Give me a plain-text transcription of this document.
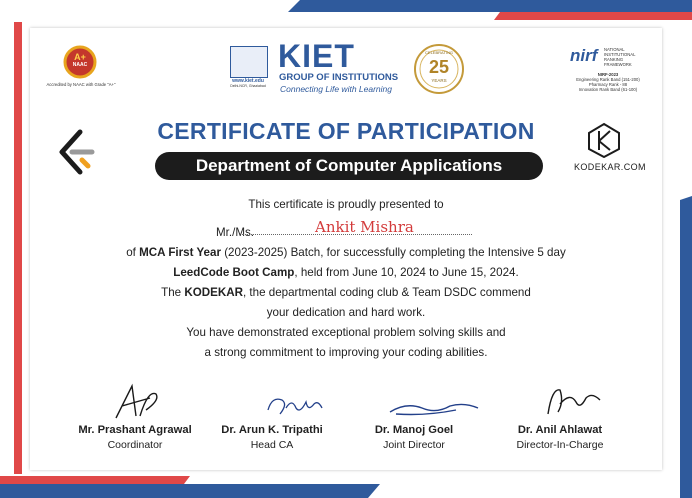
A+
NAAC
Accredited by NAAC with Grade "A+"
www.kiet.edu
Delhi-NCR, Ghaziabad
KIET
GROUP OF INSTITUTIONS
Connecting Life with Learning
CELEBRATING
25
YEARS
nirf NATIONAL
INSTITUTIONAL
RANKING
FRAMEWORK
NIRF-2023
Engineering Rank Band (151-200)
Pharmacy Rank - 88
Innovation Rank Band (61-100)
KODEKAR.COM
CERTIFICATE OF PARTICIPATION
Department of Computer Applications
This certificate is proudly presented to
Mr./Ms.	Ankit Mishra
of MCA First Year (2023-2025) Batch, for successfully completing the Intensive 5 day
LeedCode Boot Camp, held from June 10, 2024 to June 15, 2024.
The KODEKAR, the departmental coding club & Team DSDC commend
your dedication and hard work.
You have demonstrated exceptional problem solving skills and
a strong commitment to improving your coding abilities.
Mr. Prashant Agrawal
Coordinator
Dr. Arun K. Tripathi
Head CA
Dr. Manoj Goel
Joint Director
Dr. Anil Ahlawat
Director-In-Charge
